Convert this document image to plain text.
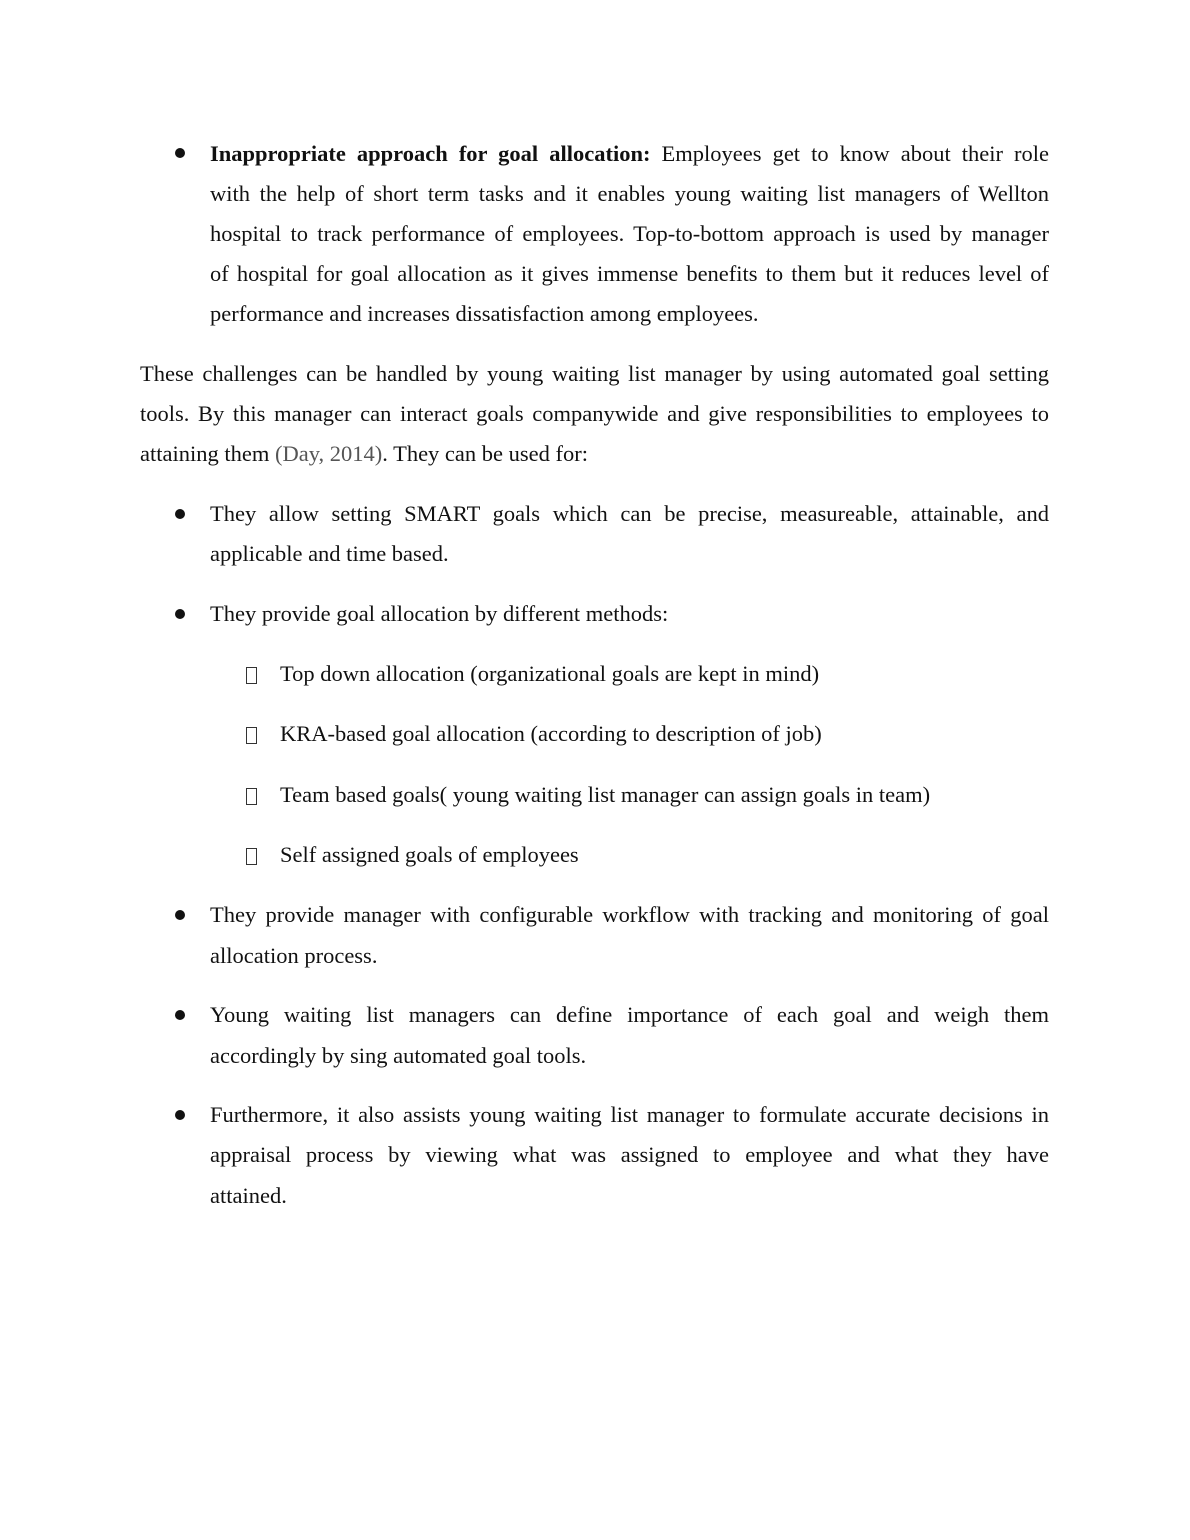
Inappropriate approach for goal allocation: Employees get to know about their role
with the help of short term tasks and it enables young waiting list managers of Wellton
hospital to track performance of employees. Top-to-bottom approach is used by manager
of hospital for goal allocation as it gives immense benefits to them but it reduces level of
performance and increases dissatisfaction among employees.
These challenges can be handled by young waiting list manager by using automated goal setting
tools. By this manager can interact goals companywide and give responsibilities to employees to
attaining them (Day, 2014). They can be used for:
They allow setting SMART goals which can be precise, measureable, attainable, and
applicable and time based.
They provide goal allocation by different methods:
Top down allocation (organizational goals are kept in mind)
KRA-based goal allocation (according to description of job)
Team based goals( young waiting list manager can assign goals in team)
Self assigned goals of employees
They provide manager with configurable workflow with tracking and monitoring of goal
allocation process.
Young waiting list managers can define importance of each goal and weigh them
accordingly by sing automated goal tools.
Furthermore, it also assists young waiting list manager to formulate accurate decisions in
appraisal process by viewing what was assigned to employee and what they have
attained.
